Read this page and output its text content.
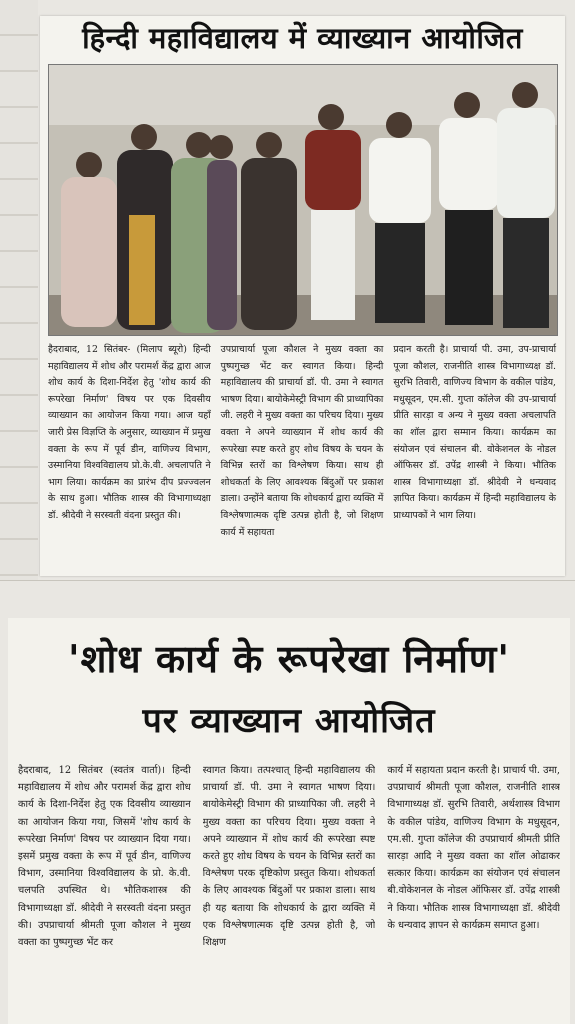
हिन्दी महाविद्यालय में व्याख्यान आयोजित
हैदराबाद, 12 सितंबर- (मिलाप ब्यूरो) हिन्दी महाविद्यालय में शोध और परामर्श केंद्र द्वारा आज शोध कार्य के दिशा-निर्देश हेतु 'शोध कार्य की रूपरेखा निर्माण' विषय पर एक दिवसीय व्याख्यान का आयोजन किया गया। आज यहाँ जारी प्रेस विज्ञप्ति के अनुसार, व्याख्यान में प्रमुख वक्ता के रूप में पूर्व डीन, वाणिज्य विभाग, उस्मानिया विश्वविद्यालय प्रो.के.वी. अचलापति ने भाग लिया। कार्यक्रम का प्रारंभ दीप प्रज्ज्वलन के साथ हुआ। भौतिक शास्त्र की विभागाध्यक्षा डॉ. श्रीदेवी ने सरस्वती वंदना प्रस्तुत की।
उपप्राचार्या पूजा कौशल ने मुख्य वक्ता का पुष्पगुच्छ भेंट कर स्वागत किया। हिन्दी महाविद्यालय की प्राचार्या डॉ. पी. उमा ने स्वागत भाषण दिया। बायोकेमेस्ट्री विभाग की प्राध्यापिका जी. लहरी ने मुख्य वक्ता का परिचय दिया। मुख्य वक्ता ने अपने व्याख्यान में शोध कार्य की रूपरेखा स्पष्ट करते हुए शोध विषय के चयन के विभिन्न स्तरों का विश्लेषण किया। साथ ही शोधकर्ता के लिए आवश्यक बिंदुओं पर प्रकाश डाला। उन्होंने बताया कि शोधकार्य द्वारा व्यक्ति में विश्लेषणात्मक दृष्टि उत्पन्न होती है, जो शिक्षण कार्य में सहायता
प्रदान करती है। प्राचार्या पी. उमा, उप-प्राचार्या पूजा कौशल, राजनीति शास्त्र विभागाध्यक्ष डॉ. सुरभि तिवारी, वाणिज्य विभाग के वकील पांडेय, मधुसूदन, एम.सी. गुप्ता कॉलेज की उप-प्राचार्या प्रीति सारड़ा व अन्य ने मुख्य वक्ता अचलापति का शॉल द्वारा सम्मान किया। कार्यक्रम का संयोजन एवं संचालन बी. वोकेशनल के नोडल ऑफिसर डॉ. उपेंद्र शास्त्री ने किया। भौतिक शास्त्र विभागाध्यक्षा डॉ. श्रीदेवी ने धन्यवाद ज्ञापित किया। कार्यक्रम में हिन्दी महाविद्यालय के प्राध्यापकों ने भाग लिया।
'शोध कार्य के रूपरेखा निर्माण'
पर व्याख्यान आयोजित
हैदराबाद, 12 सितंबर (स्वतंत्र वार्ता)। हिन्दी महाविद्यालय में शोध और परामर्श केंद्र द्वारा शोध कार्य के दिशा-निर्देश हेतु एक दिवसीय व्याख्यान का आयोजन किया गया, जिसमें 'शोध कार्य के रूपरेखा निर्माण' विषय पर व्याख्यान दिया गया। इसमें प्रमुख वक्ता के रूप में पूर्व डीन, वाणिज्य विभाग, उस्मानिया विश्वविद्यालय के प्रो. के.वी. चलपति उपस्थित थे। भौतिकशास्त्र की विभागाध्यक्षा डॉ. श्रीदेवी ने सरस्वती वंदना प्रस्तुत की। उपप्राचार्या श्रीमती पूजा कौशल ने मुख्य वक्ता का पुष्पगुच्छ भेंट कर
स्वागत किया। तत्पश्चात् हिन्दी महाविद्यालय की प्राचार्या डॉ. पी. उमा ने स्वागत भाषण दिया। बायोकेमेस्ट्री विभाग की प्राध्यापिका जी. लहरी ने मुख्य वक्ता का परिचय दिया। मुख्य वक्ता ने अपने व्याख्यान में शोध कार्य की रूपरेखा स्पष्ट करते हुए शोध विषय के चयन के विभिन्न स्तरों का विश्लेषण परक दृष्टिकोण प्रस्तुत किया। शोधकर्ता के लिए आवश्यक बिंदुओं पर प्रकाश डाला। साथ ही यह बताया कि शोधकार्य के द्वारा व्यक्ति में एक विश्लेषणात्मक दृष्टि उत्पन्न होती है, जो शिक्षण
कार्य में सहायता प्रदान करती है। प्राचार्य पी. उमा, उपप्राचार्य श्रीमती पूजा कौशल, राजनीति शास्त्र विभागाध्यक्ष डॉ. सुरभि तिवारी, अर्थशास्त्र विभाग के वकील पांडेय, वाणिज्य विभाग के मधुसूदन, एम.सी. गुप्ता कॉलेज की उपप्राचार्य श्रीमती प्रीति सारड़ा आदि ने मुख्य वक्ता का शॉल ओढाकर सत्कार किया। कार्यक्रम का संयोजन एवं संचालन बी.वोकेशनल के नोडल ऑफिसर डॉ. उपेंद्र शास्त्री ने किया। भौतिक शास्त्र विभागाध्यक्षा डॉ. श्रीदेवी के धन्यवाद ज्ञापन से कार्यक्रम समाप्त हुआ।
